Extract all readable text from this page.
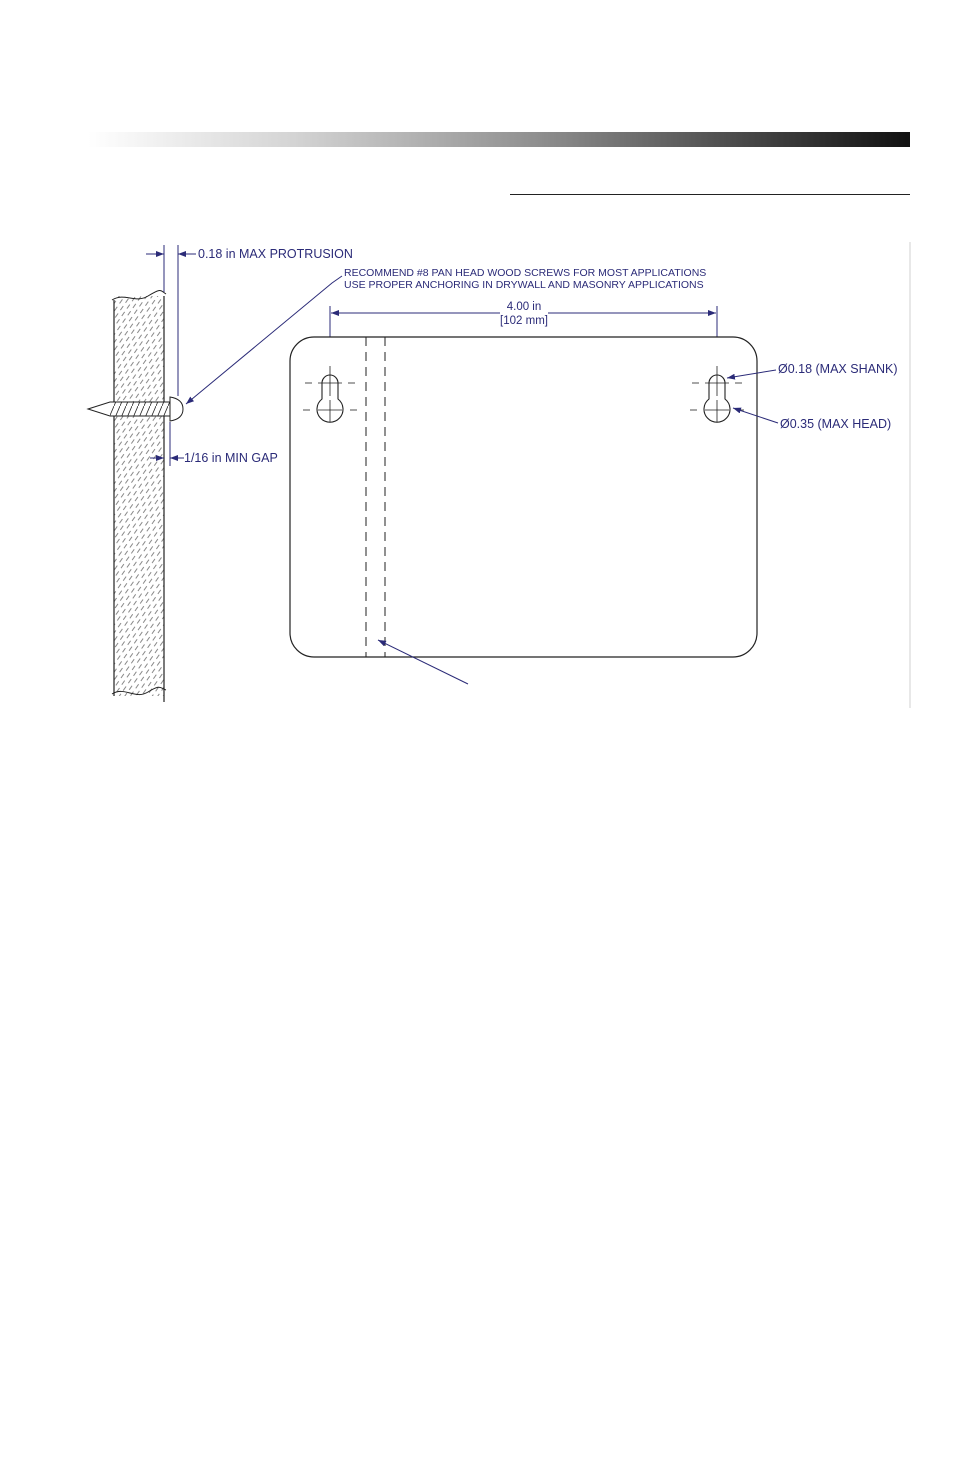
0.18 in MAX PROTRUSION
1/16 in MIN GAP
RECOMMEND #8 PAN HEAD WOOD SCREWS FOR MOST APPLICATIONS
USE PROPER ANCHORING IN DRYWALL AND MASONRY APPLICATIONS
4.00 in
[102 mm]
Ø0.18 (MAX SHANK)
Ø0.35 (MAX HEAD)
